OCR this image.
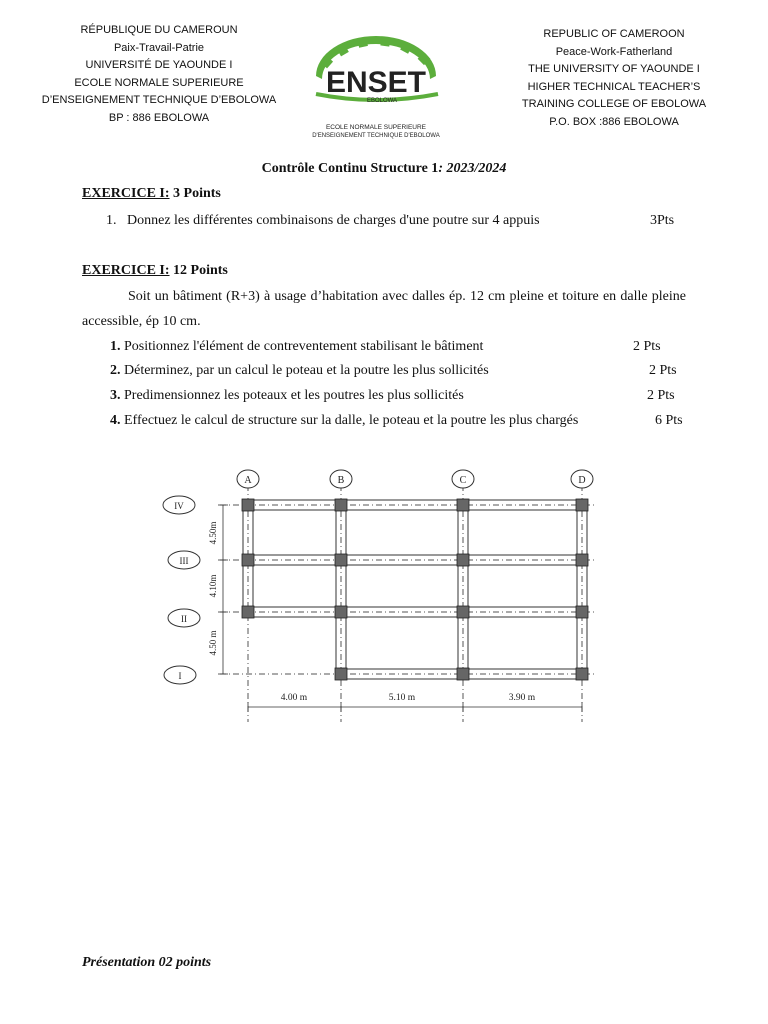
RÉPUBLIQUE DU CAMEROUN
Paix-Travail-Patrie
UNIVERSITÉ DE YAOUNDE I
ECOLE NORMALE SUPERIEURE
D’ENSEIGNEMENT TECHNIQUE D’EBOLOWA
BP : 886 EBOLOWA
ENSET
EBOLOWA
ECOLE NORMALE SUPERIEURE
D'ENSEIGNEMENT TECHNIQUE D'EBOLOWA
REPUBLIC OF CAMEROON
Peace-Work-Fatherland
THE UNIVERSITY OF YAOUNDE I
HIGHER TECHNICAL TEACHER’S
TRAINING COLLEGE OF EBOLOWA
P.O. BOX :886 EBOLOWA
Contrôle Continu Structure 1: 2023/2024
EXERCICE I: 3 Points
1. Donnez les différentes combinaisons de charges d'une poutre sur 4 appuis	3Pts
EXERCICE I: 12 Points
Soit un bâtiment (R+3) à usage d’habitation avec dalles ép. 12 cm pleine et toiture en dalle pleine accessible, ép 10 cm.
1. Positionnez l'élément de contreventement stabilisant le bâtiment	2 Pts
2. Déterminez, par un calcul le poteau et la poutre les plus sollicités	2 Pts
3. Predimensionnez les poteaux et les poutres les plus sollicités	2 Pts
4. Effectuez le calcul de structure sur la dalle, le poteau et la poutre les plus chargés	6 Pts
A	B	C	D
IV
III
II
I
4.50m
4.10m
4.50 m
4.00 m	5.10 m	3.90 m
Présentation 02 points
